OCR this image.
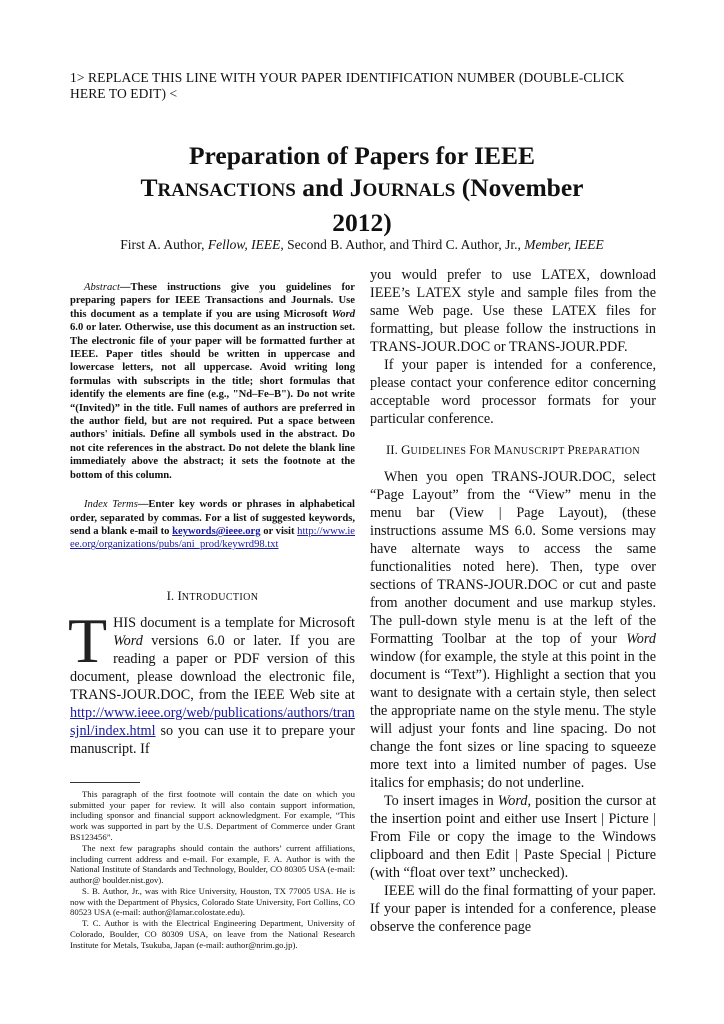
1> REPLACE THIS LINE WITH YOUR PAPER IDENTIFICATION NUMBER (DOUBLE-CLICK HERE TO EDIT) <
Preparation of Papers for IEEE
TRANSACTIONS and JOURNALS (November
2012)
First A. Author, Fellow, IEEE, Second B. Author, and Third C. Author, Jr., Member, IEEE

Abstract—These instructions give you guidelines for preparing papers for IEEE Transactions and Journals. Use this document as a template if you are using Microsoft Word 6.0 or later. Otherwise, use this document as an instruction set. The electronic file of your paper will be formatted further at IEEE. Paper titles should be written in uppercase and lowercase letters, not all uppercase. Avoid writing long formulas with subscripts in the title; short formulas that identify the elements are fine (e.g., "Nd–Fe–B"). Do not write “(Invited)” in the title. Full names of authors are preferred in the author field, but are not required. Put a space between authors' initials. Define all symbols used in the abstract. Do not cite references in the abstract. Do not delete the blank line immediately above the abstract; it sets the footnote at the bottom of this column.

Index Terms—Enter key words or phrases in alphabetical order, separated by commas. For a list of suggested keywords, send a blank e-mail to keywords@ieee.org or visit http://www.ieee.org/organizations/pubs/ani_prod/keywrd98.txt

I. INTRODUCTION
T HIS document is a template for Microsoft Word versions 6.0 or later. If you are reading a paper or PDF version of this document, please download the electronic file, TRANS-JOUR.DOC, from the IEEE Web site at http://www.ieee.org/web/publications/authors/transjnl/index.html so you can use it to prepare your manuscript. If

This paragraph of the first footnote will contain the date on which you submitted your paper for review. It will also contain support information, including sponsor and financial support acknowledgment. For example, “This work was supported in part by the U.S. Department of Commerce under Grant BS123456”.

The next few paragraphs should contain the authors’ current affiliations, including current address and e-mail. For example, F. A. Author is with the National Institute of Standards and Technology, Boulder, CO 80305 USA (e-mail: author@ boulder.nist.gov).

S. B. Author, Jr., was with Rice University, Houston, TX 77005 USA. He is now with the Department of Physics, Colorado State University, Fort Collins, CO 80523 USA (e-mail: author@lamar.colostate.edu).

T. C. Author is with the Electrical Engineering Department, University of Colorado, Boulder, CO 80309 USA, on leave from the National Research Institute for Metals, Tsukuba, Japan (e-mail: author@nrim.go.jp).

you would prefer to use LATEX, download IEEE’s LATEX style and sample files from the same Web page. Use these LATEX files for formatting, but please follow the instructions in TRANS-JOUR.DOC or TRANS-JOUR.PDF.

If your paper is intended for a conference, please contact your conference editor concerning acceptable word processor formats for your particular conference.

II. GUIDELINES FOR MANUSCRIPT PREPARATION

When you open TRANS-JOUR.DOC, select “Page Layout” from the “View” menu in the menu bar (View | Page Layout), (these instructions assume MS 6.0. Some versions may have alternate ways to access the same functionalities noted here). Then, type over sections of TRANS-JOUR.DOC or cut and paste from another document and use markup styles. The pull-down style menu is at the left of the Formatting Toolbar at the top of your Word window (for example, the style at this point in the document is “Text”). Highlight a section that you want to designate with a certain style, then select the appropriate name on the style menu. The style will adjust your fonts and line spacing. Do not change the font sizes or line spacing to squeeze more text into a limited number of pages. Use italics for emphasis; do not underline.

To insert images in Word, position the cursor at the insertion point and either use Insert | Picture | From File or copy the image to the Windows clipboard and then Edit | Paste Special | Picture (with “float over text” unchecked).

IEEE will do the final formatting of your paper. If your paper is intended for a conference, please observe the conference page
